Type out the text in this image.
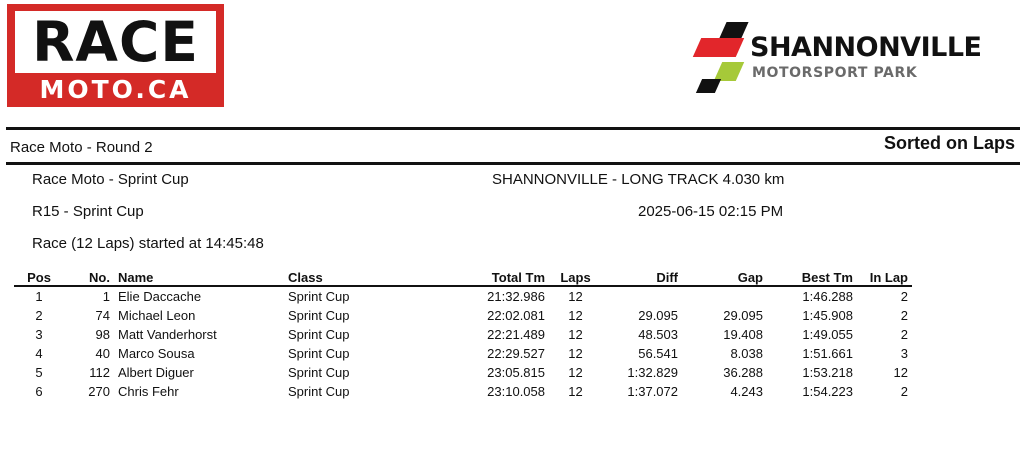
RACE
MOTO.CA
SHANNONVILLE
MOTORSPORT PARK
Race Moto - Round 2	Sorted on Laps
Race Moto - Sprint Cup	SHANNONVILLE - LONG TRACK 4.030 km
R15 - Sprint Cup	2025-06-15 02:15 PM
Race (12 Laps) started at 14:45:48
Pos	No.	Name	Class	Total Tm	Laps	Diff	Gap	Best Tm	In Lap
1	1	Elie Daccache	Sprint Cup	21:32.986	12			1:46.288	2
2	74	Michael Leon	Sprint Cup	22:02.081	12	29.095	29.095	1:45.908	2
3	98	Matt Vanderhorst	Sprint Cup	22:21.489	12	48.503	19.408	1:49.055	2
4	40	Marco Sousa	Sprint Cup	22:29.527	12	56.541	8.038	1:51.661	3
5	112	Albert Diguer	Sprint Cup	23:05.815	12	1:32.829	36.288	1:53.218	12
6	270	Chris Fehr	Sprint Cup	23:10.058	12	1:37.072	4.243	1:54.223	2
